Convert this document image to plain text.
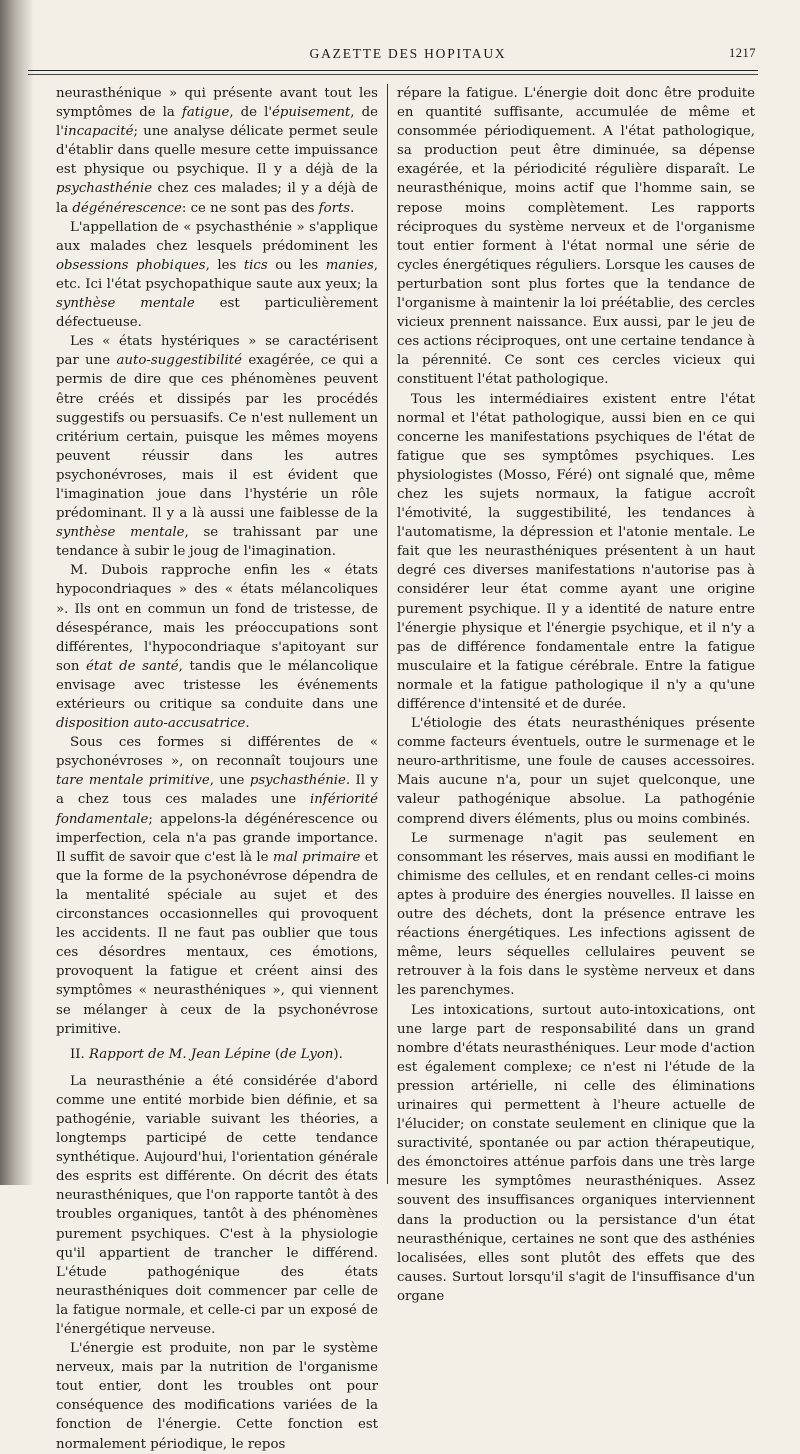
GAZETTE DES HOPITAUX	1217

neurasthénique » qui présente avant tout les symptômes de la fatigue, de l'épuisement, de l'incapacité; une analyse délicate permet seule d'établir dans quelle mesure cette impuissance est physique ou psychique. Il y a déjà de la psychasthénie chez ces malades; il y a déjà de la dégénérescence: ce ne sont pas des forts.

L'appellation de « psychasthénie » s'applique aux malades chez lesquels prédominent les obsessions phobiques, les tics ou les manies, etc. Ici l'état psychopathique saute aux yeux; la synthèse mentale est particulièrement défectueuse.

Les « états hystériques » se caractérisent par une auto-suggestibilité exagérée, ce qui a permis de dire que ces phénomènes peuvent être créés et dissipés par les procédés suggestifs ou persuasifs. Ce n'est nullement un critérium certain, puisque les mêmes moyens peuvent réussir dans les autres psychonévroses, mais il est évident que l'imagination joue dans l'hystérie un rôle prédominant. Il y a là aussi une faiblesse de la synthèse mentale, se trahissant par une tendance à subir le joug de l'imagination.

M. Dubois rapproche enfin les « états hypocondriaques » des « états mélancoliques ». Ils ont en commun un fond de tristesse, de désespérance, mais les préoccupations sont différentes, l'hypocondriaque s'apitoyant sur son état de santé, tandis que le mélancolique envisage avec tristesse les événements extérieurs ou critique sa conduite dans une disposition auto-accusatrice.

Sous ces formes si différentes de « psychonévroses », on reconnaît toujours une tare mentale primitive, une psychasthénie. Il y a chez tous ces malades une infériorité fondamentale; appelons-la dégénérescence ou imperfection, cela n'a pas grande importance. Il suffit de savoir que c'est là le mal primaire et que la forme de la psychonévrose dépendra de la mentalité spéciale au sujet et des circonstances occasionnelles qui provoquent les accidents. Il ne faut pas oublier que tous ces désordres mentaux, ces émotions, provoquent la fatigue et créent ainsi des symptômes « neurasthéniques », qui viennent se mélanger à ceux de la psychonévrose primitive.

II. Rapport de M. Jean Lépine (de Lyon).

La neurasthénie a été considérée d'abord comme une entité morbide bien définie, et sa pathogénie, variable suivant les théories, a longtemps participé de cette tendance synthétique. Aujourd'hui, l'orientation générale des esprits est différente. On décrit des états neurasthéniques, que l'on rapporte tantôt à des troubles organiques, tantôt à des phénomènes purement psychiques. C'est à la physiologie qu'il appartient de trancher le différend. L'étude pathogénique des états neurasthéniques doit commencer par celle de la fatigue normale, et celle-ci par un exposé de l'énergétique nerveuse.

L'énergie est produite, non par le système nerveux, mais par la nutrition de l'organisme tout entier, dont les troubles ont pour conséquence des modifications variées de la fonction de l'énergie. Cette fonction est normalement périodique, le repos

répare la fatigue. L'énergie doit donc être produite en quantité suffisante, accumulée de même et consommée périodiquement. A l'état pathologique, sa production peut être diminuée, sa dépense exagérée, et la périodicité régulière disparaît. Le neurasthénique, moins actif que l'homme sain, se repose moins complètement. Les rapports réciproques du système nerveux et de l'organisme tout entier forment à l'état normal une série de cycles énergétiques réguliers. Lorsque les causes de perturbation sont plus fortes que la tendance de l'organisme à maintenir la loi préétablie, des cercles vicieux prennent naissance. Eux aussi, par le jeu de ces actions réciproques, ont une certaine tendance à la pérennité. Ce sont ces cercles vicieux qui constituent l'état pathologique.

Tous les intermédiaires existent entre l'état normal et l'état pathologique, aussi bien en ce qui concerne les manifestations psychiques de l'état de fatigue que ses symptômes psychiques. Les physiologistes (Mosso, Féré) ont signalé que, même chez les sujets normaux, la fatigue accroît l'émotivité, la suggestibilité, les tendances à l'automatisme, la dépression et l'atonie mentale. Le fait que les neurasthéniques présentent à un haut degré ces diverses manifestations n'autorise pas à considérer leur état comme ayant une origine purement psychique. Il y a identité de nature entre l'énergie physique et l'énergie psychique, et il n'y a pas de différence fondamentale entre la fatigue musculaire et la fatigue cérébrale. Entre la fatigue normale et la fatigue pathologique il n'y a qu'une différence d'intensité et de durée.

L'étiologie des états neurasthéniques présente comme facteurs éventuels, outre le surmenage et le neuro-arthritisme, une foule de causes accessoires. Mais aucune n'a, pour un sujet quelconque, une valeur pathogénique absolue. La pathogénie comprend divers éléments, plus ou moins combinés.

Le surmenage n'agit pas seulement en consommant les réserves, mais aussi en modifiant le chimisme des cellules, et en rendant celles-ci moins aptes à produire des énergies nouvelles. Il laisse en outre des déchets, dont la présence entrave les réactions énergétiques. Les infections agissent de même, leurs séquelles cellulaires peuvent se retrouver à la fois dans le système nerveux et dans les parenchymes.

Les intoxications, surtout auto-intoxications, ont une large part de responsabilité dans un grand nombre d'états neurasthéniques. Leur mode d'action est également complexe; ce n'est ni l'étude de la pression artérielle, ni celle des éliminations urinaires qui permettent à l'heure actuelle de l'élucider; on constate seulement en clinique que la suractivité, spontanée ou par action thérapeutique, des émonctoires atténue parfois dans une très large mesure les symptômes neurasthéniques. Assez souvent des insuffisances organiques interviennent dans la production ou la persistance d'un état neurasthénique, certaines ne sont que des asthénies localisées, elles sont plutôt des effets que des causes. Surtout lorsqu'il s'agit de l'insuffisance d'un organe
